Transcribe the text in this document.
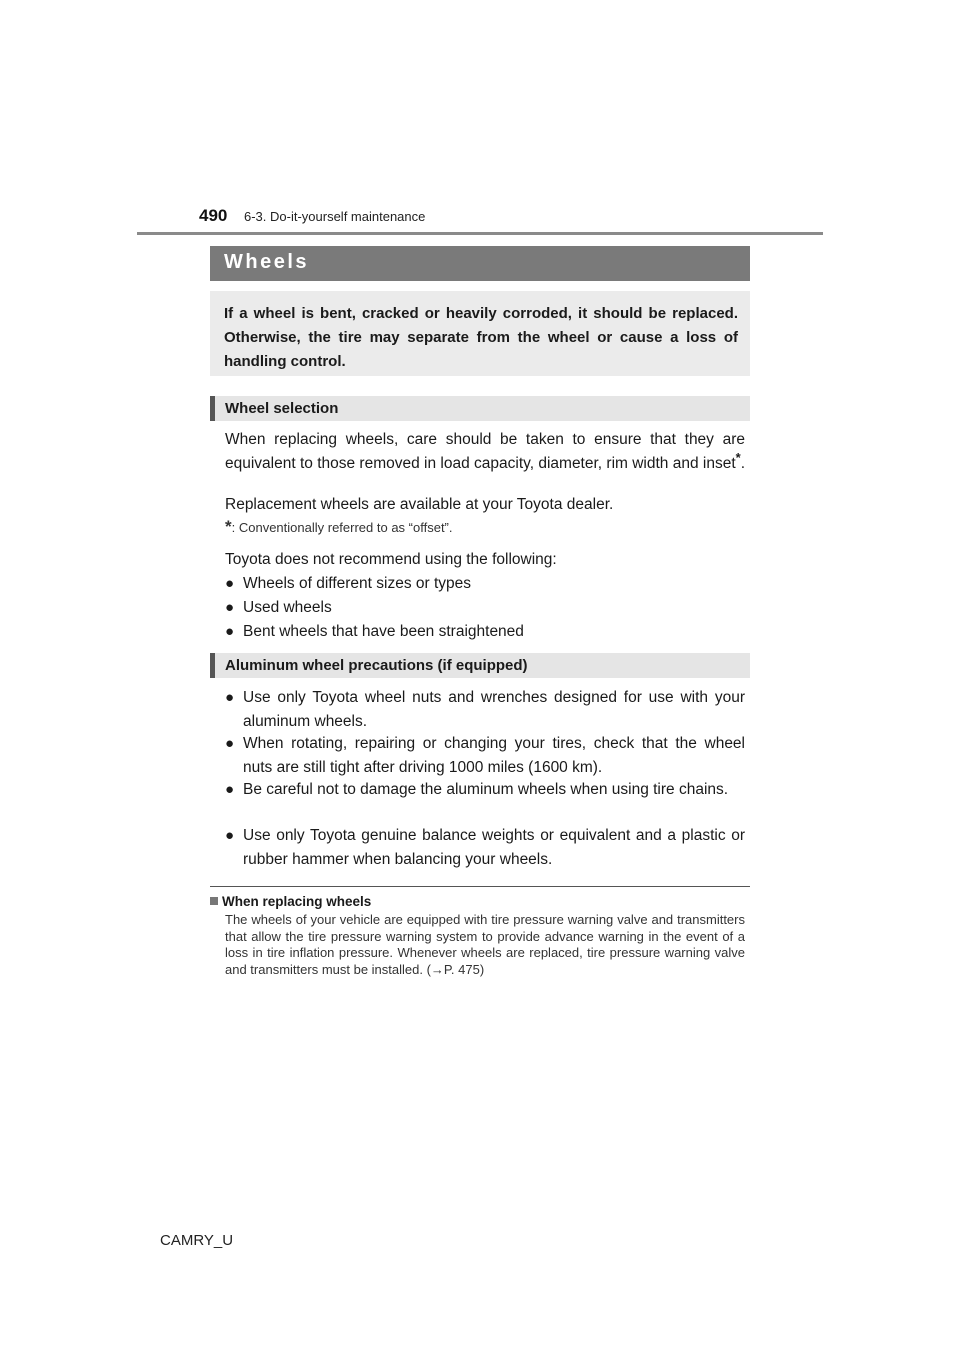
490 6-3. Do-it-yourself maintenance
Wheels
If a wheel is bent, cracked or heavily corroded, it should be replaced. Otherwise, the tire may separate from the wheel or cause a loss of handling control.
Wheel selection
When replacing wheels, care should be taken to ensure that they are equivalent to those removed in load capacity, diameter, rim width and inset*.
Replacement wheels are available at your Toyota dealer.
*: Conventionally referred to as “offset”.
Toyota does not recommend using the following:
● Wheels of different sizes or types
● Used wheels
● Bent wheels that have been straightened
Aluminum wheel precautions (if equipped)
● Use only Toyota wheel nuts and wrenches designed for use with your aluminum wheels.
● When rotating, repairing or changing your tires, check that the wheel nuts are still tight after driving 1000 miles (1600 km).
● Be careful not to damage the aluminum wheels when using tire chains.
● Use only Toyota genuine balance weights or equivalent and a plastic or rubber hammer when balancing your wheels.
When replacing wheels
The wheels of your vehicle are equipped with tire pressure warning valve and transmitters that allow the tire pressure warning system to provide advance warning in the event of a loss in tire inflation pressure. Whenever wheels are replaced, tire pressure warning valve and transmitters must be installed. (→P. 475)
CAMRY_U
